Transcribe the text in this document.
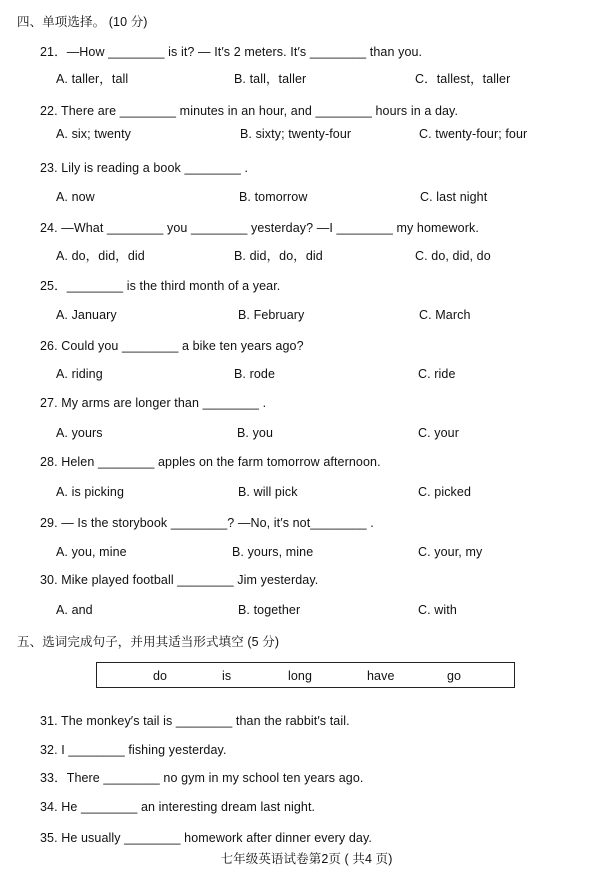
四、单项选择。 (10 分)
21．—How ________ is it? — It′s 2 meters. It′s ________ than you.
A. taller，tall	B. tall，taller	C．tallest，taller
22. There are ________ minutes in an hour, and ________ hours in a day.
A. six; twenty	B. sixty; twenty-four	C. twenty-four; four
23. Lily is reading a book ________ .
A. now	B. tomorrow	C. last night
24. —What ________ you ________ yesterday? —I ________ my homework.
A. do，did，did	B. did，do，did	C. do, did, do
25．________ is the third month of a year.
A. January	B. February	C. March
26. Could you ________ a bike ten years ago?
A. riding	B. rode	C. ride
27. My arms are longer than ________ .
A. yours	B. you	C. your
28. Helen ________ apples on the farm tomorrow afternoon.
A. is picking	B. will pick	C. picked
29. — Is the storybook ________? —No, it′s not________ .
A. you, mine	B. yours, mine	C. your, my
30. Mike played football ________ Jim yesterday.
A. and	B. together	C. with
五、选词完成句子，并用其适当形式填空 (5 分)
do	is	long	have	go
31. The monkey′s tail is ________ than the rabbit′s tail.
32. I ________ fishing yesterday.
33．There ________ no gym in my school ten years ago.
34. He ________ an interesting dream last night.
35. He usually ________ homework after dinner every day.
七年级英语试卷第2页 ( 共4 页)
